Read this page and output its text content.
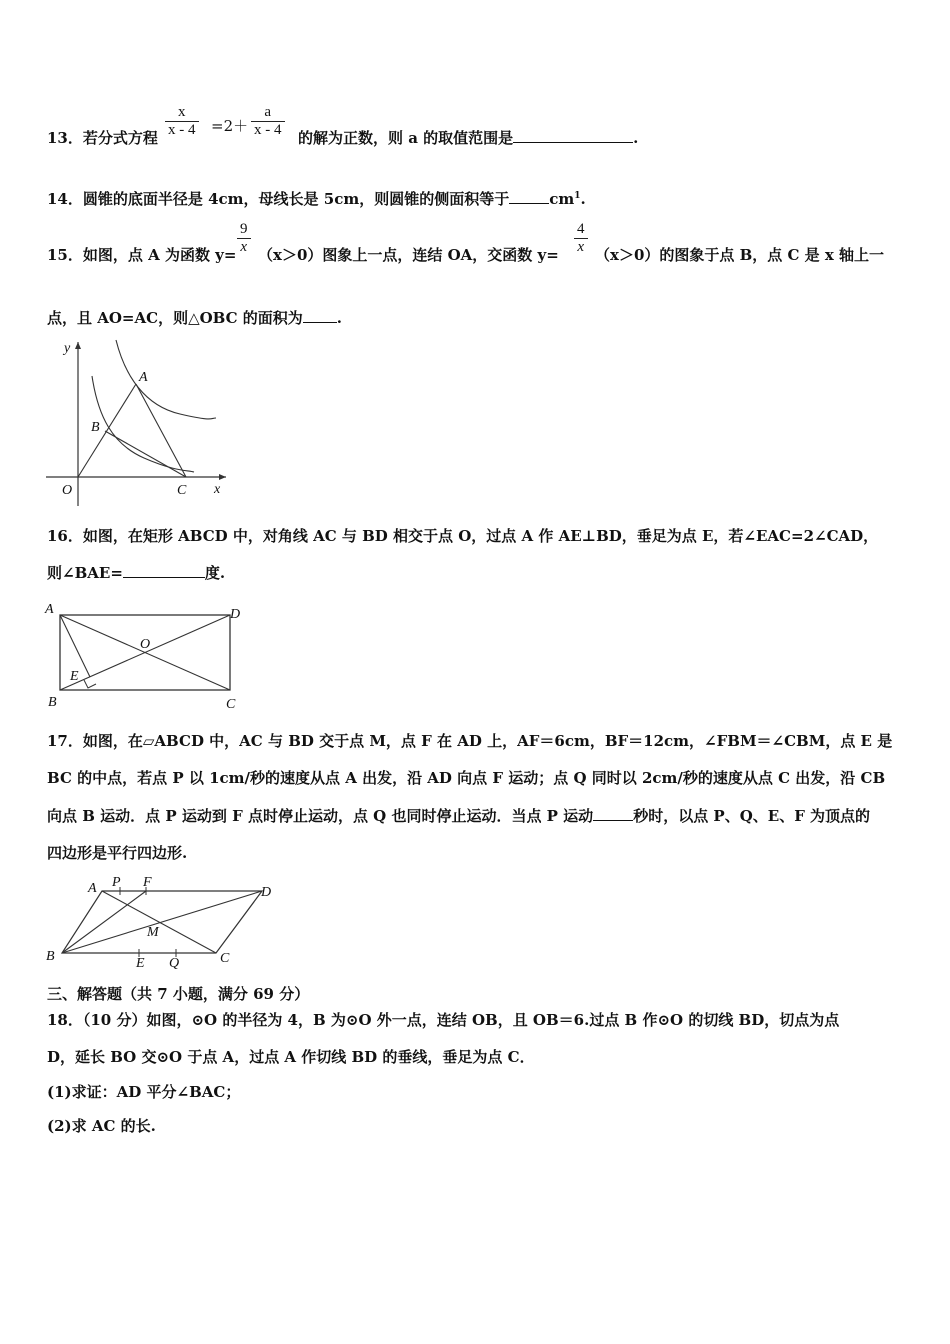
13．若分式方程 $\frac{x}{x - 4} =2+ \frac{a}{x - 4}$ 的解为正数，则 a 的取值范围是	.
14．圆锥的底面半径是 4cm，母线长是 5cm，则圆锥的侧面积等于	$cm^1$.
15．如图，点 A 为函数 $y= \frac{9}{x} (x>0)$图象上一点，连结 OA，交函数 $y= \frac{4}{x} (x>0)$的图象于点 B，点 C 是 x 轴上一
点，且 AO=AC，则△OBC 的面积为 .
y
A
B
O	C x
16．如图，在矩形 ABCD 中，对角线 AC 与 BD 相交于点 O，过点 A 作 AE⊥BD，垂足为点 E，若∠EAC=2∠CAD，
则∠BAE=	度.
A	D
O
E
B	C
17．如图，在▱ABCD 中，AC 与 BD 交于点 M，点 F 在 AD 上，AF＝6cm，BF＝12cm，∠FBM＝∠CBM，点 E 是
BC 的中点，若点 P 以 1cm/秒的速度从点 A 出发，沿 AD 向点 F 运动；点 Q 同时以 2cm/秒的速度从点 C 出发，沿 CB
向点 B 运动．点 P 运动到 F 点时停止运动，点 Q 也同时停止运动．当点 P 运动	秒时，以点 P、Q、E、F 为顶点的
四边形是平行四边形.
A P F
D
M
B	E Q	C
三、解答题（共 7 小题，满分 69 分）
18．（10 分）如图，⊙O 的半径为 4，B 为⊙O 外一点，连结 OB，且 OB＝6.过点 B 作⊙O 的切线 BD，切点为点
D，延长 BO 交⊙O 于点 A，过点 A 作切线 BD 的垂线，垂足为点 C．
(1)求证：AD 平分∠BAC；
(2)求 AC 的长.
